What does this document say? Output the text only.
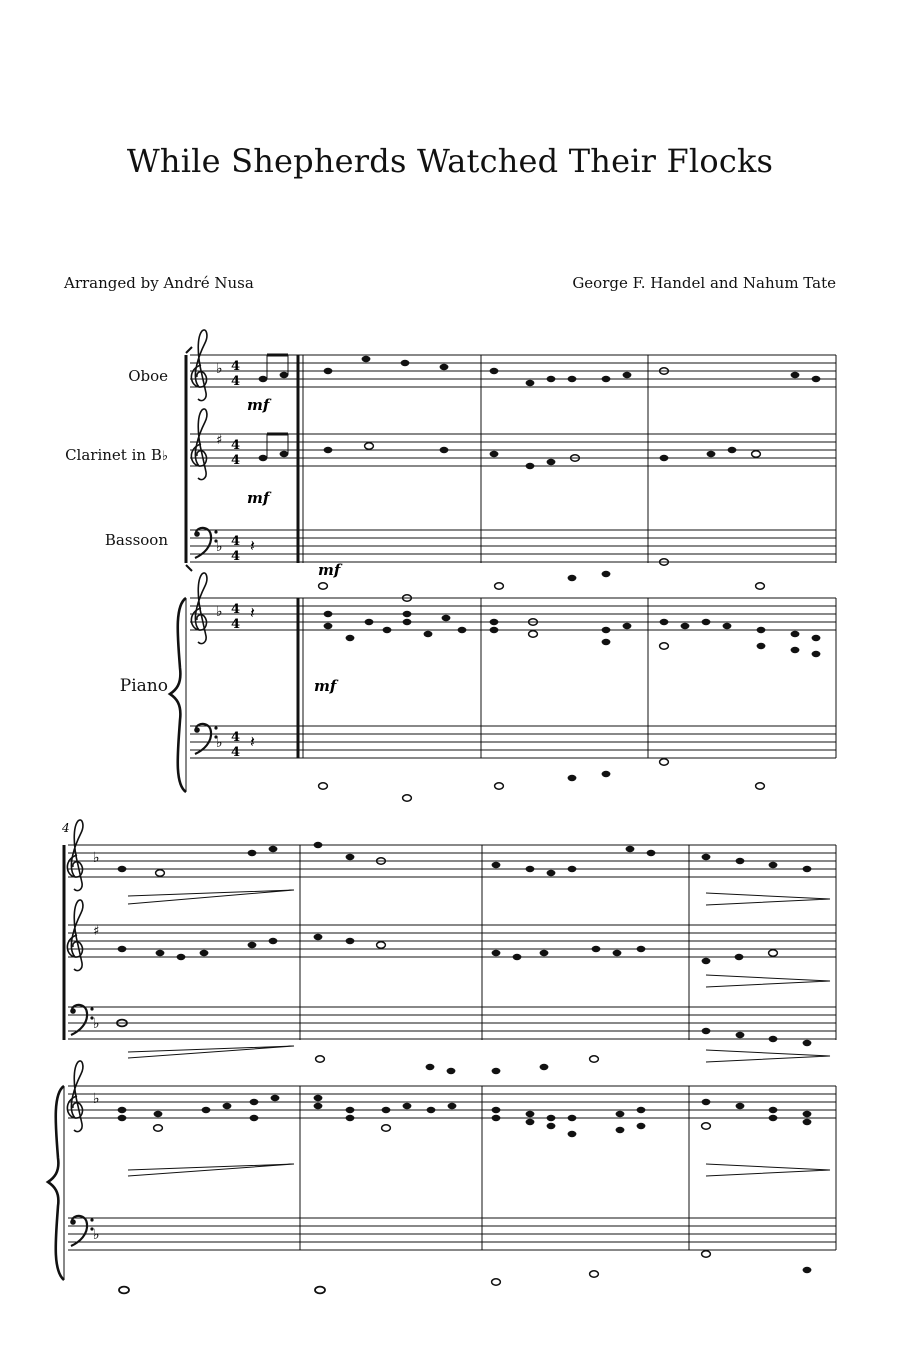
While Shepherds Watched Their Flocks
Arranged by André Nusa	George F. Handel and Nahum Tate
Oboe
Clarinet in B♭
Bassoon
Piano
♭ 4
4
mf
♯ 4
4
mf
♭ 4
4
𝄽
mf
♭ 4
4
𝄽
mf
♭ 4
4
𝄽
4
♭
♯
♭
♭
♭
